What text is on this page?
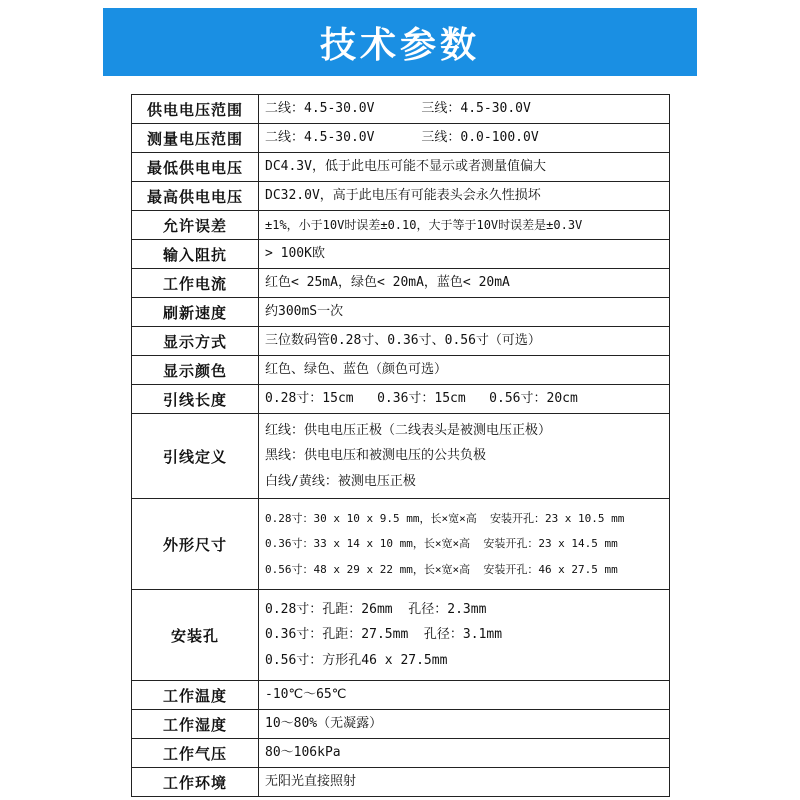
技术参数
供电电压范围	二线：4.5-30.0V      三线：4.5-30.0V

测量电压范围	二线：4.5-30.0V      三线：0.0-100.0V

最低供电电压	DC4.3V，低于此电压可能不显示或者测量值偏大

最高供电电压	DC32.0V，高于此电压有可能表头会永久性损坏

允许误差	±1%，小于10V时误差±0.10，大于等于10V时误差是±0.3V

输入阻抗	> 100K欧

工作电流	红色< 25mA，绿色< 20mA，蓝色< 20mA

刷新速度	约300mS一次

显示方式	三位数码管0.28寸、0.36寸、0.56寸（可选）

显示颜色	红色、绿色、蓝色（颜色可选）

引线长度	0.28寸：15cm   0.36寸：15cm   0.56寸：20cm

引线定义	红线：供电电压正极（二线表头是被测电压正极）
黑线：供电电压和被测电压的公共负极
白线/黄线：被测电压正极

外形尺寸	0.28寸：30 x 10 x 9.5 mm，长×宽×高  安装开孔：23 x 10.5 mm
0.36寸：33 x 14 x 10 mm，长×宽×高  安装开孔：23 x 14.5 mm
0.56寸：48 x 29 x 22 mm，长×宽×高  安装开孔：46 x 27.5 mm

安装孔	0.28寸：孔距：26mm  孔径：2.3mm
0.36寸：孔距：27.5mm  孔径：3.1mm
0.56寸：方形孔46 x 27.5mm

工作温度	-10℃～65℃

工作湿度	10～80%（无凝露）

工作气压	80～106kPa

工作环境	无阳光直接照射
